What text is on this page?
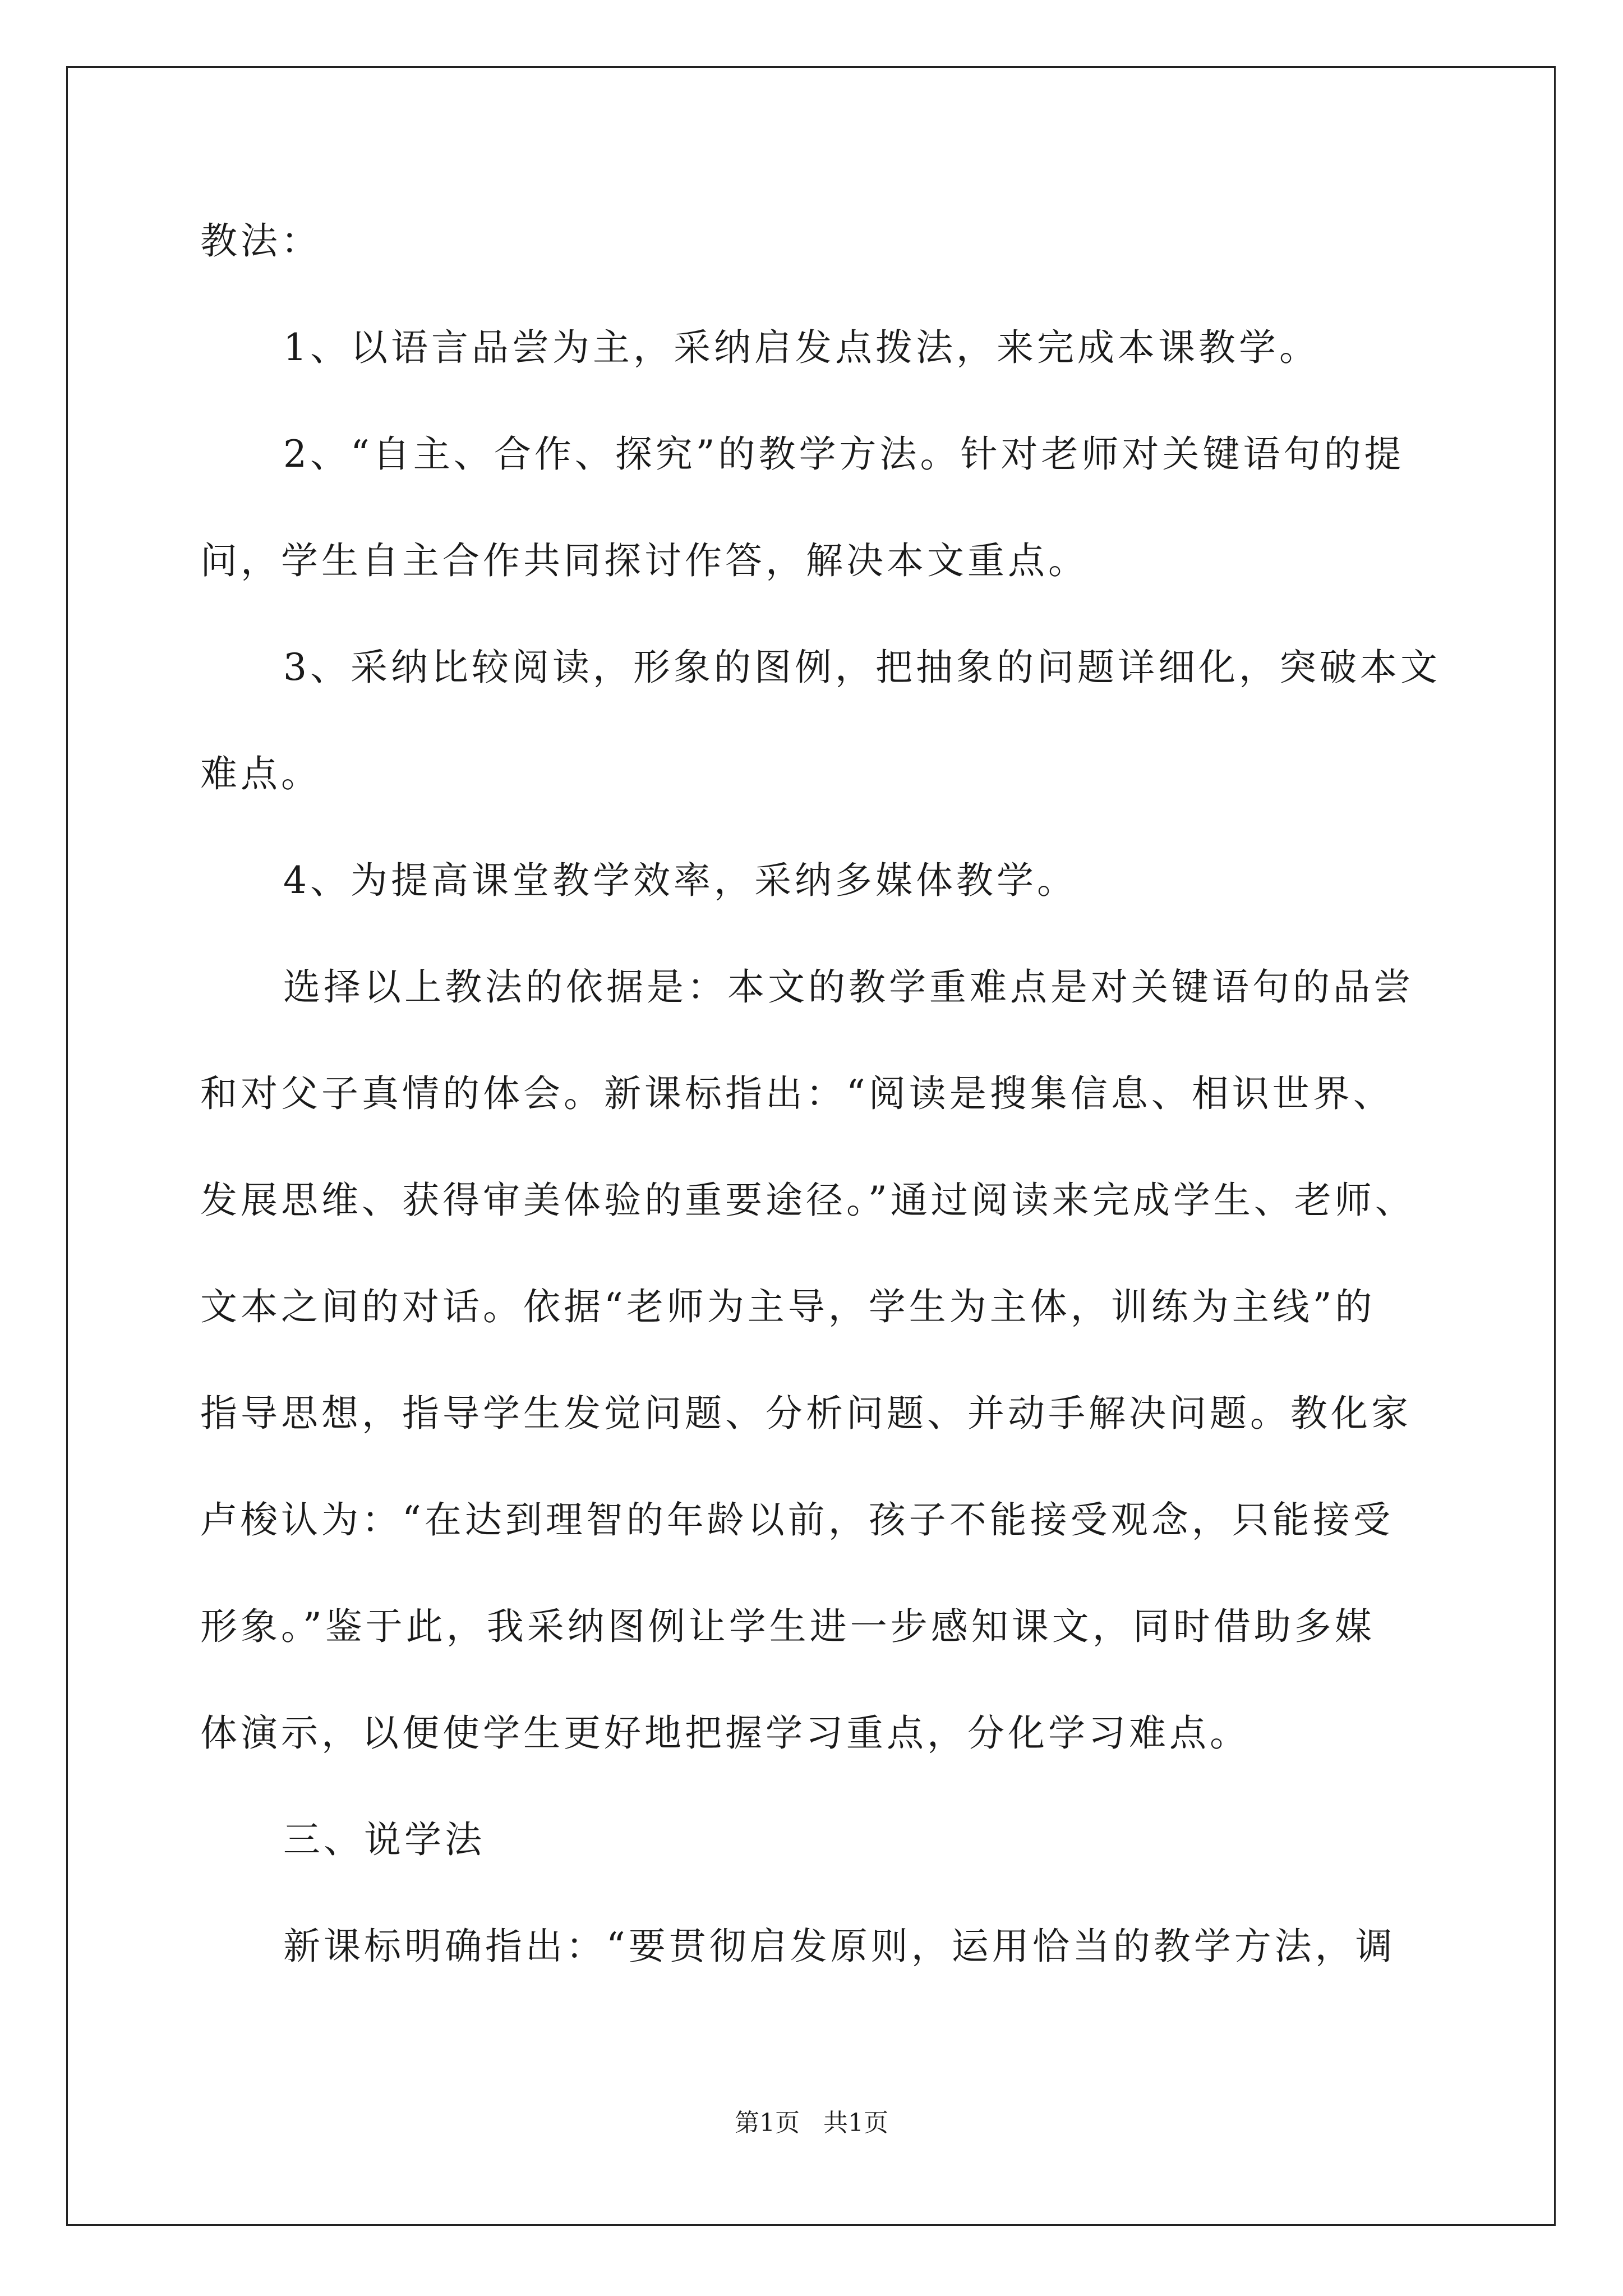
教法：
1、以语言品尝为主，采纳启发点拨法，来完成本课教学。
2、“自主、合作、探究”的教学方法。针对老师对关键语句的提
问，学生自主合作共同探讨作答，解决本文重点。
3、采纳比较阅读，形象的图例，把抽象的问题详细化，突破本文
难点。
4、为提高课堂教学效率，采纳多媒体教学。
选择以上教法的依据是：本文的教学重难点是对关键语句的品尝
和对父子真情的体会。新课标指出：“阅读是搜集信息、相识世界、
发展思维、获得审美体验的重要途径。”通过阅读来完成学生、老师、
文本之间的对话。依据“老师为主导，学生为主体，训练为主线”的
指导思想，指导学生发觉问题、分析问题、并动手解决问题。教化家
卢梭认为：“在达到理智的年龄以前，孩子不能接受观念，只能接受
形象。”鉴于此，我采纳图例让学生进一步感知课文，同时借助多媒
体演示，以便使学生更好地把握学习重点，分化学习难点。
三、说学法
新课标明确指出：“要贯彻启发原则，运用恰当的教学方法，调
第1页 共1页
